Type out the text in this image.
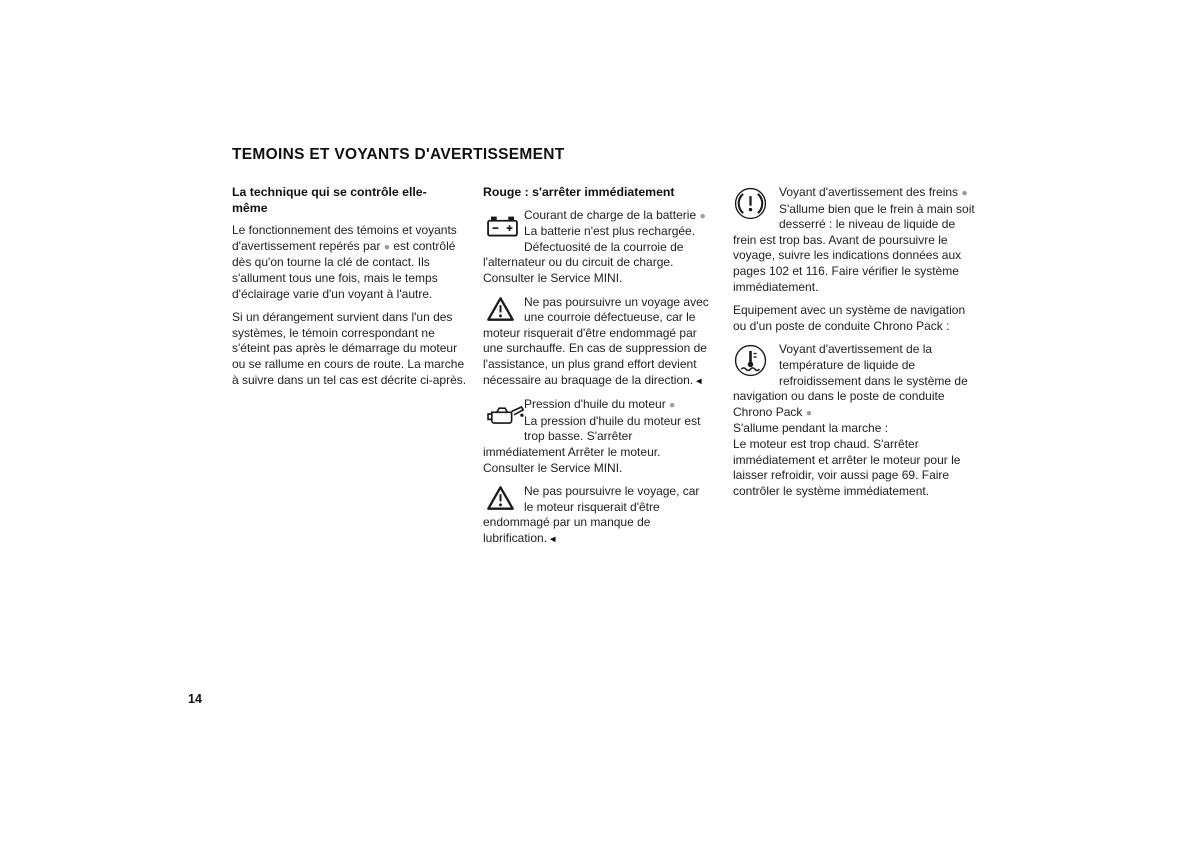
TEMOINS ET VOYANTS D'AVERTISSEMENT
La technique qui se contrôle elle-même

Le fonctionnement des témoins et voyants d'avertissement repérés par ● est contrôlé dès qu'on tourne la clé de contact. Ils s'allument tous une fois, mais le temps d'éclairage varie d'un voyant à l'autre.

Si un dérangement survient dans l'un des systèmes, le témoin correspondant ne s'éteint pas après le démarrage du moteur ou se rallume en cours de route. La marche à suivre dans un tel cas est décrite ci-après.

Rouge : s'arrêter immédiatement
Courant de charge de la batterie ●
La batterie n'est plus rechargée. Défectuosité de la courroie de l'alternateur ou du circuit de charge. Consulter le Service MINI.
Ne pas poursuivre un voyage avec une courroie défectueuse, car le moteur risquerait d'être endommagé par une surchauffe. En cas de suppression de l'assistance, un plus grand effort devient nécessaire au braquage de la direction.◄
Pression d'huile du moteur ●
La pression d'huile du moteur est trop basse. S'arrêter immédiatement Arrêter le moteur. Consulter le Service MINI.
Ne pas poursuivre le voyage, car le moteur risquerait d'être endommagé par un manque de lubrification.◄
Voyant d'avertissement des freins ●
S'allume bien que le frein à main soit desserré : le niveau de liquide de frein est trop bas. Avant de poursuivre le voyage, suivre les indications données aux pages 102 et 116. Faire vérifier le système immédiatement.

Equipement avec un système de navigation ou d'un poste de conduite Chrono Pack :

Voyant d'avertissement de la température de liquide de refroidissement dans le système de navigation ou dans le poste de conduite Chrono Pack ●
S'allume pendant la marche :
Le moteur est trop chaud. S'arrêter immédiatement et arrêter le moteur pour le laisser refroidir, voir aussi page 69. Faire contrôler le système immédiatement.
14
